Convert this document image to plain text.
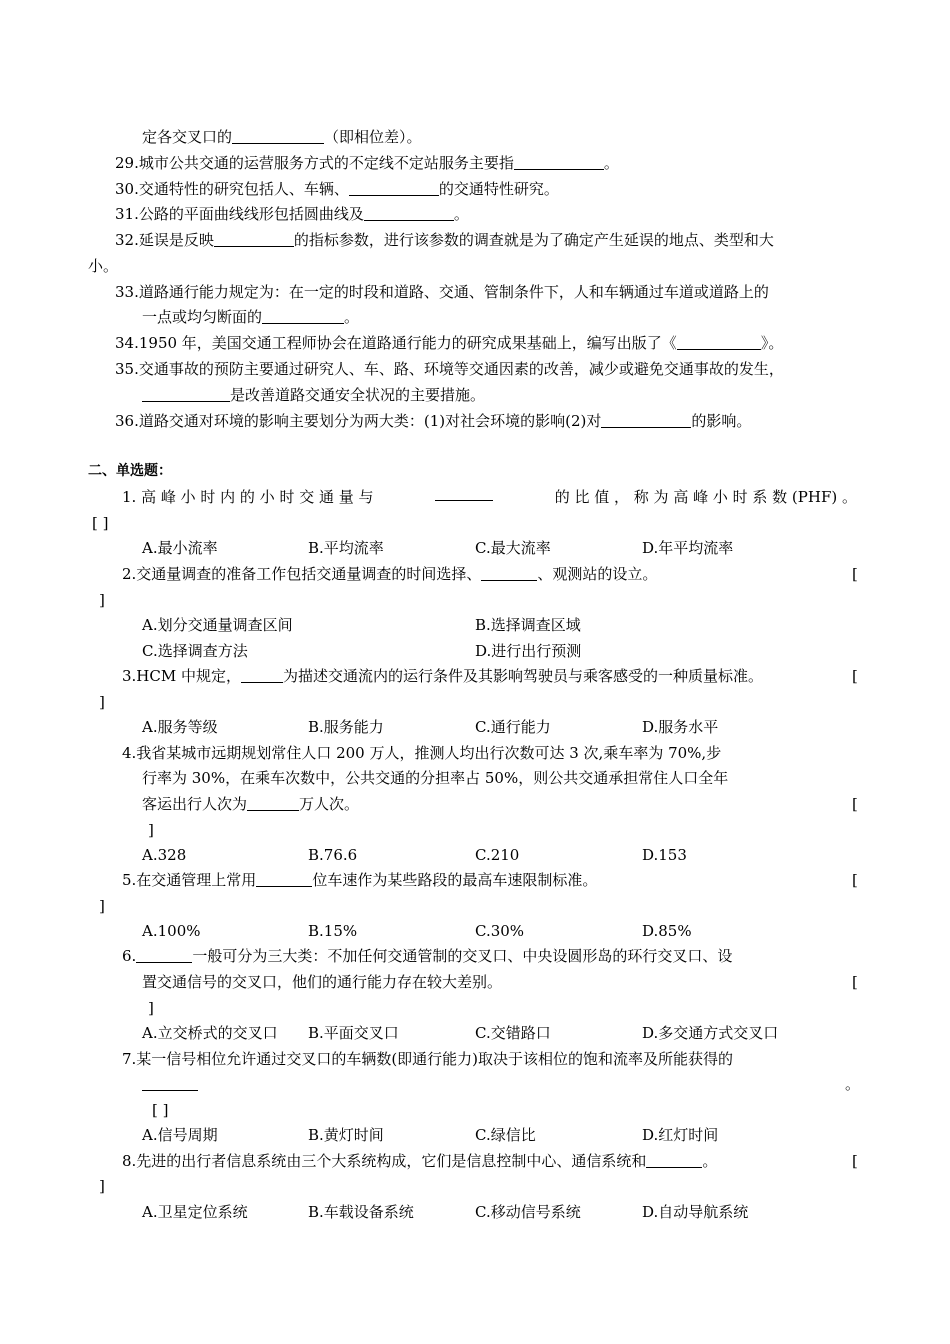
定各交叉口的	（即相位差）。
29.城市公共交通的运营服务方式的不定线不定站服务主要指	。
30.交通特性的研究包括人、车辆、	的交通特性研究。
31.公路的平面曲线线形包括圆曲线及	。
32.延误是反映	的指标参数，进行该参数的调查就是为了确定产生延误的地点、类型和大
小。
33.道路通行能力规定为：在一定的时段和道路、交通、管制条件下，人和车辆通过车道或道路上的
一点或均匀断面的	。
34.1950 年，美国交通工程师协会在道路通行能力的研究成果基础上，编写出版了《	》。
35.交通事故的预防主要通过研究人、车、路、环境等交通因素的改善，减少或避免交通事故的发生，
是改善道路交通安全状况的主要措施。
36.道路交通对环境的影响主要划分为两大类：(1)对社会环境的影响(2)对	的影响。
二、单选题：
1. 高 峰 小 时 内 的 小 时 交 通 量 与	的 比 值 ， 称 为 高 峰 小 时 系 数 (PHF) 。
[ ]
A.最小流率	B.平均流率	C.最大流率	D.年平均流率
2.交通量调查的准备工作包括交通量调查的时间选择、	、观测站的设立。	[
]
A.划分交通量调查区间	B.选择调查区域
C.选择调查方法	D.进行出行预测
3.HCM 中规定，	为描述交通流内的运行条件及其影响驾驶员与乘客感受的一种质量标准。	[
]
A.服务等级	B.服务能力	C.通行能力	D.服务水平
4.我省某城市远期规划常住人口 200 万人，推测人均出行次数可达 3 次,乘车率为 70%,步
行率为 30%，在乘车次数中，公共交通的分担率占 50%，则公共交通承担常住人口全年
客运出行人次为	万人次。	[
]
A.328	B.76.6	C.210	D.153
5.在交通管理上常用	位车速作为某些路段的最高车速限制标准。	[
]
A.100%	B.15%	C.30%	D.85%
6.	一般可分为三大类：不加任何交通管制的交叉口、中央设圆形岛的环行交叉口、设
置交通信号的交叉口，他们的通行能力存在较大差别。	[
]
A.立交桥式的交叉口 B.平面交叉口	C.交错路口	D.多交通方式交叉口
7.某一信号相位允许通过交叉口的车辆数(即通行能力)取决于该相位的饱和流率及所能获得的
。
[ ]
A.信号周期	B.黄灯时间	C.绿信比	D.红灯时间
8.先进的出行者信息系统由三个大系统构成，它们是信息控制中心、通信系统和	。	[
]
A.卫星定位系统	B.车载设备系统	C.移动信号系统	D.自动导航系统
